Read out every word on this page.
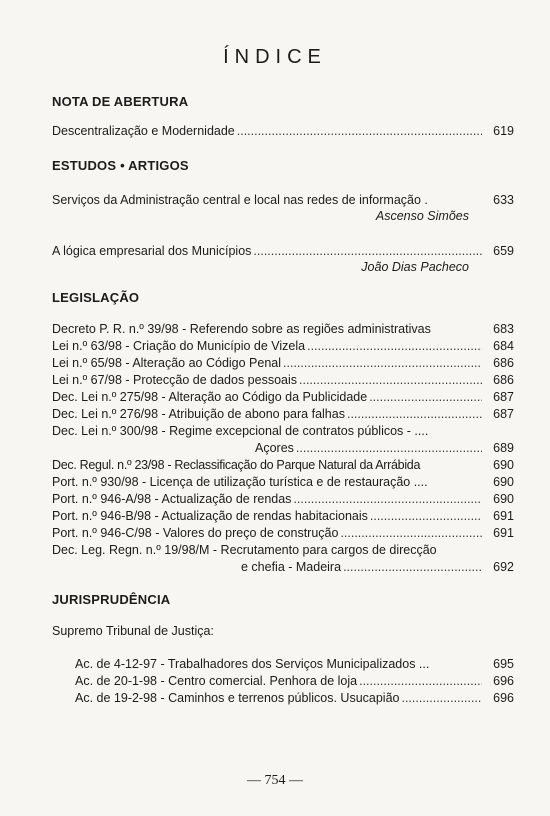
ÍNDICE
NOTA DE ABERTURA
Descentralização e Modernidade .....	619
ESTUDOS • ARTIGOS
Serviços da Administração central e local nas redes de informação .	633
Ascenso Simões
A lógica empresarial dos Municípios .....	659
João Dias Pacheco
LEGISLAÇÃO
Decreto P. R. n.º 39/98 - Referendo sobre as regiões administrativas	683
Lei n.º 63/98 - Criação do Município de Vizela .....	684
Lei n.º 65/98 - Alteração ao Código Penal .....	686
Lei n.º 67/98 - Protecção de dados pessoais .....	686
Dec. Lei n.º 275/98 - Alteração ao Código da Publicidade .....	687
Dec. Lei n.º 276/98 - Atribuição de abono para falhas .....	687
Dec. Lei n.º 300/98 - Regime excepcional de contratos públicos - ....
Açores .....	689
Dec. Regul. n.º 23/98 - Reclassificação do Parque Natural da Arrábida	690
Port. n.º 930/98 - Licença de utilização turística e de restauração ....	690
Port. n.º 946-A/98 - Actualização de rendas .....	690
Port. n.º 946-B/98 - Actualização de rendas habitacionais .....	691
Port. n.º 946-C/98 - Valores do preço de construção .....	691
Dec. Leg. Regn. n.º 19/98/M - Recrutamento para cargos de direcção
e chefia - Madeira .....	692
JURISPRUDÊNCIA
Supremo Tribunal de Justiça:
Ac. de 4-12-97 - Trabalhadores dos Serviços Municipalizados ...	695
Ac. de 20-1-98 - Centro comercial. Penhora de loja .....	696
Ac. de 19-2-98 - Caminhos e terrenos públicos. Usucapião .....	696
— 754 —
